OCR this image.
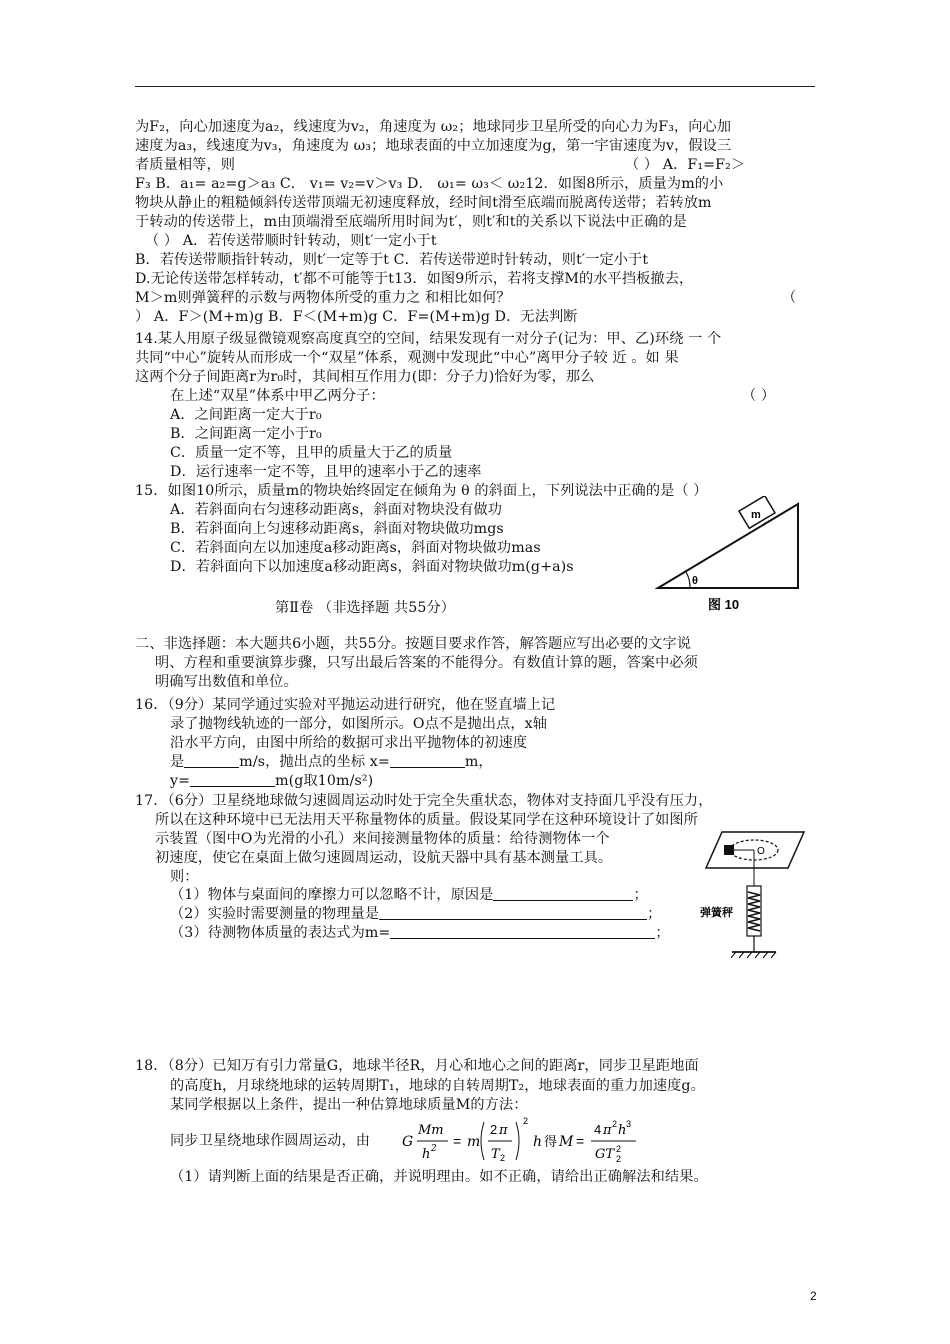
为F₂，向心加速度为a₂，线速度为v₂，角速度为 ω₂；地球同步卫星所受的向心力为F₃，向心加
速度为a₃，线速度为v₃，角速度为 ω₃；地球表面的中立加速度为g，第一宇宙速度为v，假设三
者质量相等，则	（ ） A．F₁=F₂＞
F₃ B．a₁= a₂=g＞a₃ C． v₁= v₂=v＞v₃ D． ω₁= ω₃＜ ω₂12．如图8所示，质量为m的小
物块从静止的粗糙倾斜传送带顶端无初速度释放，经时间t滑至底端而脱离传送带；若转放m
于转动的传送带上，m由顶端滑至底端所用时间为t′，则t′和t的关系以下说法中正确的是
（ ） A．若传送带顺时针转动，则t′一定小于t
B．若传送带顺指针转动，则t′一定等于t C．若传送带逆时针转动，则t′一定小于t
D.无论传送带怎样转动，t′都不可能等于t13．如图9所示，若将支撑M的水平挡板撤去，
M＞m则弹簧秤的示数与两物体所受的重力之 和相比如何？	（
） A．F＞(M+m)g B．F＜(M+m)g C．F=(M+m)g D．无法判断
14.某人用原子级显微镜观察高度真空的空间，结果发现有一对分子(记为：甲、乙)环绕 一 个
共同“中心”旋转从而形成一个“双星”体系，观测中发现此“中心”离甲分子较 近 。如 果
这两个分子间距离r为r₀时，其间相互作用力(即：分子力)恰好为零，那么
在上述“双星”体系中甲乙两分子：	（ ）
A．之间距离一定大于r₀
B．之间距离一定小于r₀
C．质量一定不等，且甲的质量大于乙的质量
D．运行速率一定不等，且甲的速率小于乙的速率
15．如图10所示，质量m的物块始终固定在倾角为 θ 的斜面上，下列说法中正确的是（ ）
A．若斜面向右匀速移动距离s，斜面对物块没有做功
B．若斜面向上匀速移动距离s，斜面对物块做功mgs
C．若斜面向左以加速度a移动距离s，斜面对物块做功mas
D．若斜面向下以加速度a移动距离s，斜面对物块做功m(g+a)s
m
θ
图 10
第Ⅱ卷 （非选择题 共55分）
二、非选择题：本大题共6小题，共55分。按题目要求作答，解答题应写出必要的文字说
明、方程和重要演算步骤，只写出最后答案的不能得分。有数值计算的题，答案中必须
明确写出数值和单位。
16．（9分）某同学通过实验对平抛运动进行研究，他在竖直墙上记
录了抛物线轨迹的一部分，如图所示。O点不是抛出点，x轴
沿水平方向，由图中所给的数据可求出平抛物体的初速度
是	m/s，抛出点的坐标 x=	m，
y=	m(g取10m/s²)
17．（6分）卫星绕地球做匀速圆周运动时处于完全失重状态，物体对支持面几乎没有压力，
所以在这种环境中已无法用天平称量物体的质量。假设某同学在这种环境设计了如图所
示装置（图中O为光滑的小孔）来间接测量物体的质量：给待测物体一个
初速度，使它在桌面上做匀速圆周运动，设航天器中具有基本测量工具。
则：
（1）物体与桌面间的摩擦力可以忽略不计，原因是	；
（2）实验时需要测量的物理量是	；
（3）待测物体质量的表达式为m=	；
O
弹簧秤
18．（8分）已知万有引力常量G，地球半径R，月心和地心之间的距离r，同步卫星距地面
的高度h，月球绕地球的运转周期T₁，地球的自转周期T₂，地球表面的重力加速度g。
某同学根据以上条件，提出一种估算地球质量M的方法：
同步卫星绕地球作圆周运动，由 G
Mm
h 2 = m
2 π
T 2
2
h 得 M =
4 π 2 h 3
GT 2
2
（1）请判断上面的结果是否正确，并说明理由。如不正确，请给出正确解法和结果。
2
